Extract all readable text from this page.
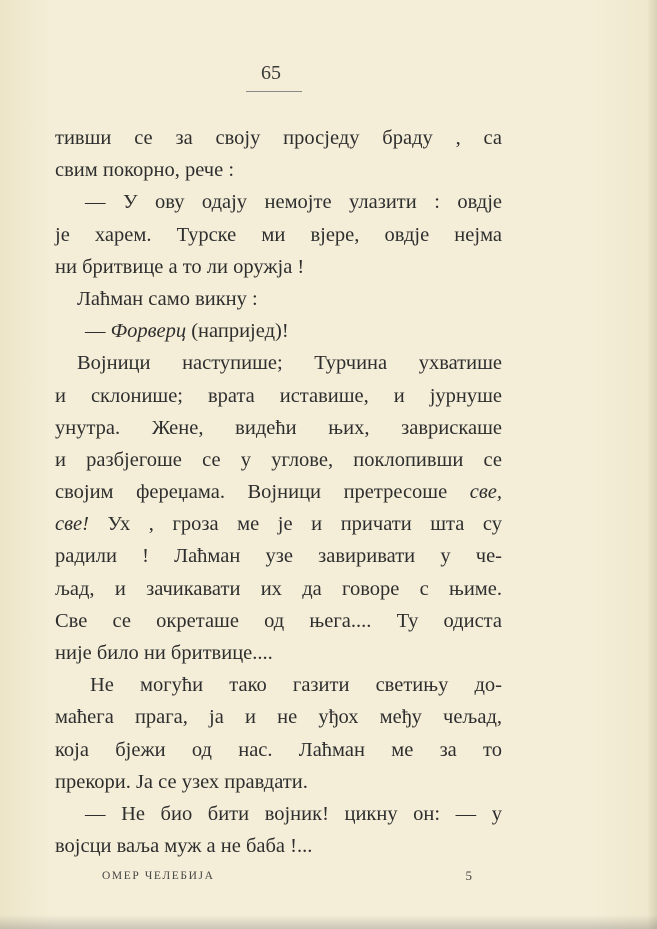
65
тивши се за своју просједу браду , са
свим покорно, рече :
— У ову одају немојте улазити : овдје
је харем. Турске ми вјере, овдје нејма
ни бритвице а то ли оружја !
Лаћман само викну :
— Форверц (напријед)!
Војници наступише; Турчина ухватише
и склонише; врата иставише, и јурнуше
унутра. Жене, видећи њих, заврискаше
и разбјегоше се у углове, поклопивши се
својим фереџама. Војници претресоше све,
све! Ух , гроза ме је и причати шта су
радили ! Лаћман узе завиривати у че-
љад, и зачикавати их да говоре с њиме.
Све се окреташе од њега.... Ту одиста
није било ни бритвице....
Не могући тако газити светињу до-
маћега прага, ја и не уђох међу чељад,
која бјежи од нас. Лаћман ме за то
прекори. Ја се узех правдати.
— Не био бити војник! цикну он: — у
војсци ваља муж а не баба !...
ОМЕР ЧЕЛЕБИЈА	5
